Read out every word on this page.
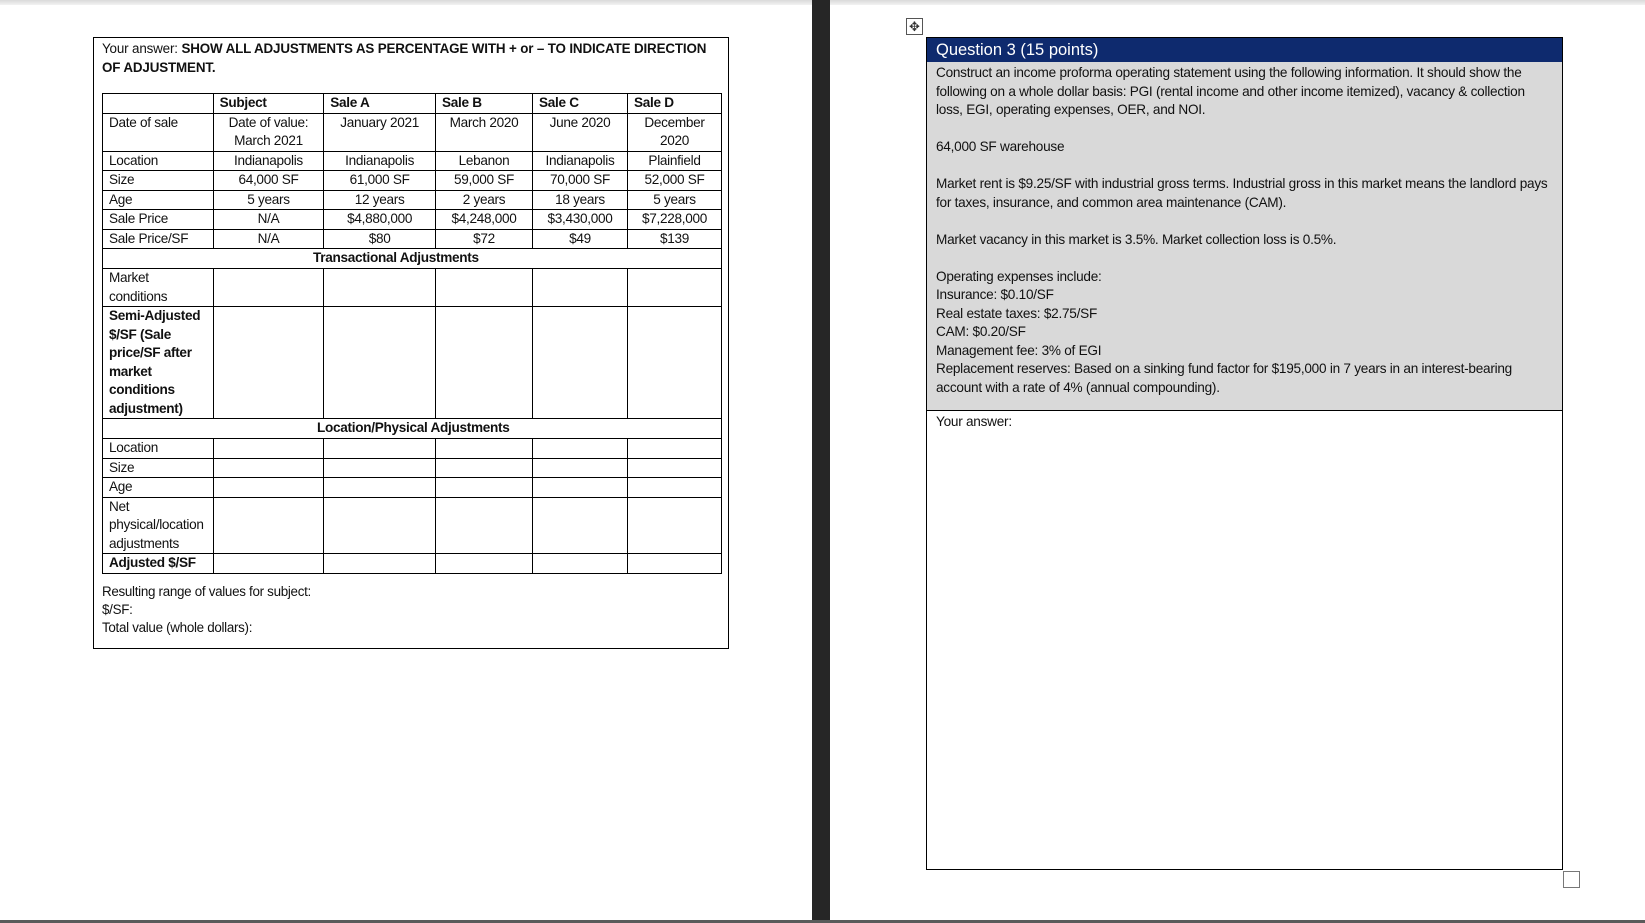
Your answer: SHOW ALL ADJUSTMENTS AS PERCENTAGE WITH + or – TO INDICATE DIRECTION OF ADJUSTMENT.
	Subject	Sale A	Sale B	Sale C	Sale D
Date of sale	Date of value: March 2021	January 2021	March 2020	June 2020	December 2020
Location	Indianapolis	Indianapolis	Lebanon	Indianapolis	Plainfield
Size	64,000 SF	61,000 SF	59,000 SF	70,000 SF	52,000 SF
Age	5 years	12 years	2 years	18 years	5 years
Sale Price	N/A	$4,880,000	$4,248,000	$3,430,000	$7,228,000
Sale Price/SF	N/A	$80	$72	$49	$139
Transactional Adjustments					
Market conditions					
Semi-Adjusted $/SF (Sale price/SF after market conditions adjustment)					
Location/Physical Adjustments					
Location					
Size					
Age					
Net physical/location adjustments					
Adjusted $/SF					
Resulting range of values for subject:
$/SF:
Total value (whole dollars):
✥
Question 3 (15 points)

Construct an income proforma operating statement using the following information. It should show the following on a whole dollar basis: PGI (rental income and other income itemized), vacancy & collection loss, EGI, operating expenses, OER, and NOI.

64,000 SF warehouse

Market rent is $9.25/SF with industrial gross terms. Industrial gross in this market means the landlord pays for taxes, insurance, and common area maintenance (CAM).

Market vacancy in this market is 3.5%. Market collection loss is 0.5%.

Operating expenses include:
Insurance: $0.10/SF
Real estate taxes: $2.75/SF
CAM: $0.20/SF
Management fee: 3% of EGI
Replacement reserves: Based on a sinking fund factor for $195,000 in 7 years in an interest-bearing account with a rate of 4% (annual compounding).
Your answer:
